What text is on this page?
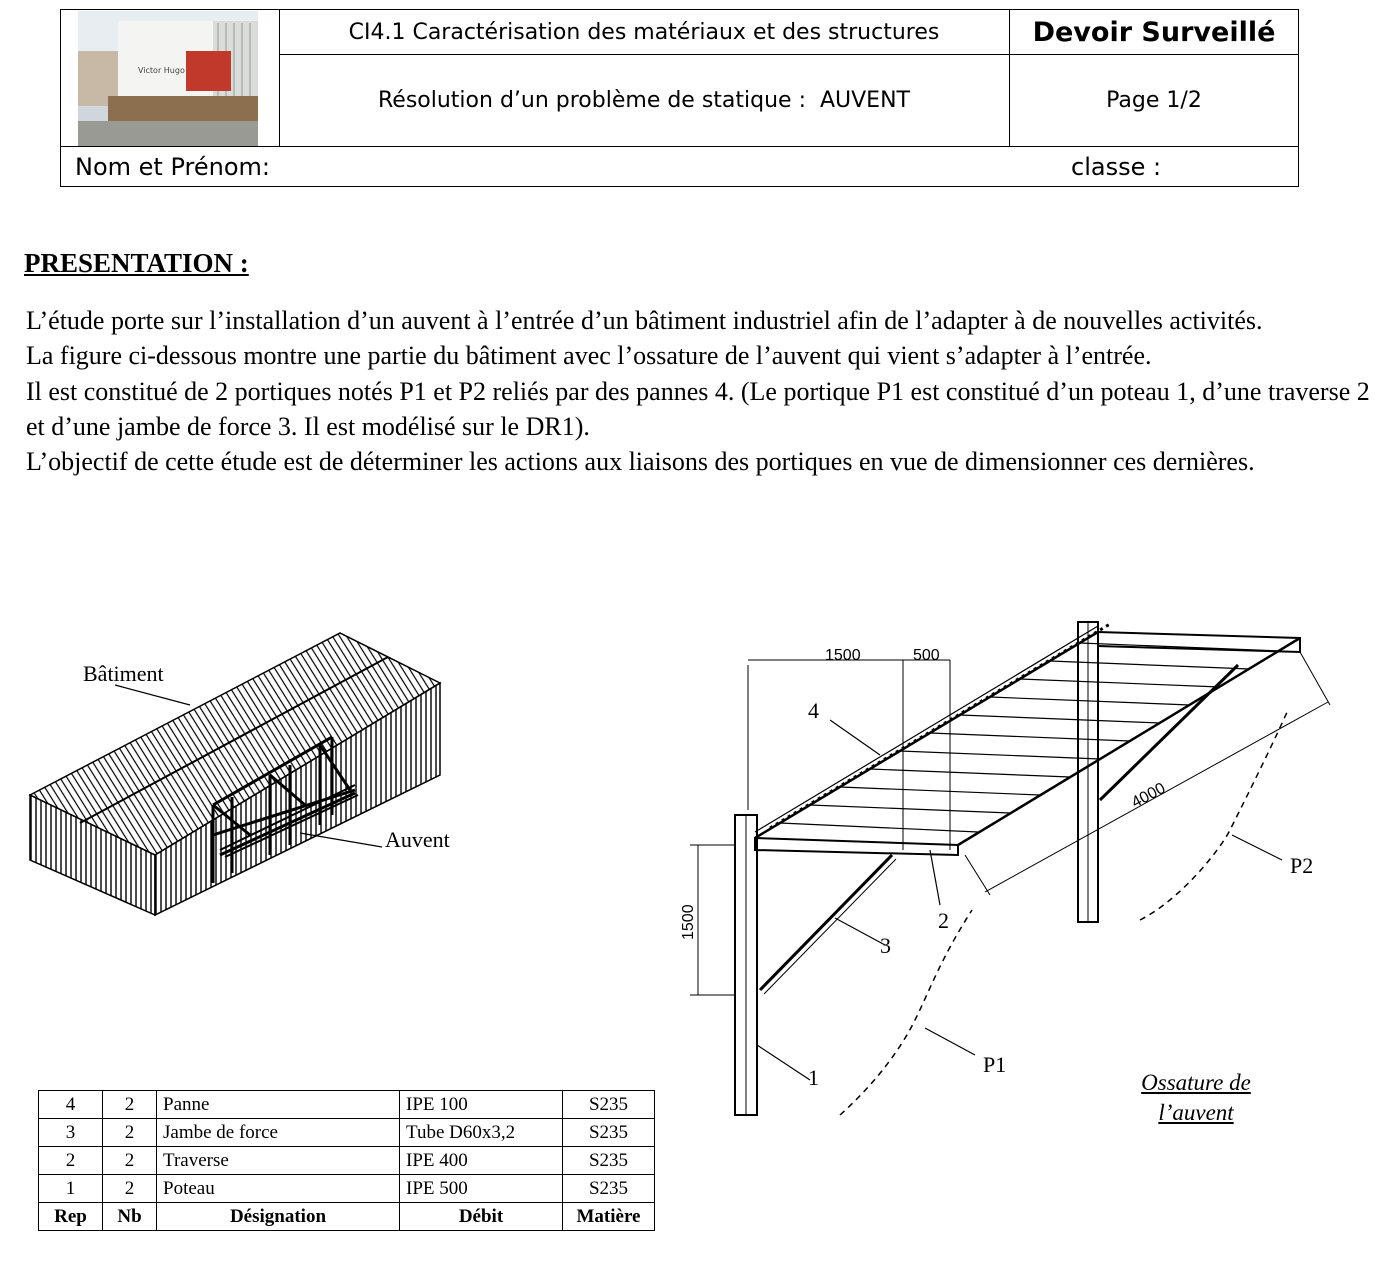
Victor Hugo
CI4.1 Caractérisation des matériaux et des structures
Résolution d’un problème de statique :  AUVENT
Devoir Surveillé
Page 1/2
Nom et Prénom:	classe :
PRESENTATION :

L’étude porte sur l’installation d’un auvent à l’entrée d’un bâtiment industriel afin de l’adapter à de nouvelles activités.

La figure ci-dessous montre une partie du bâtiment avec l’ossature de l’auvent qui vient s’adapter à l’entrée.

Il est constitué de 2 portiques notés P1 et P2 reliés par des pannes 4. (Le portique P1 est constitué d’un poteau 1, d’une traverse 2 et d’une jambe de force 3. Il est modélisé sur le DR1).

L’objectif de cette étude est de déterminer les actions aux liaisons des portiques en vue de dimensionner ces dernières.

Bâtiment
Auvent
1500	500
1500
4000
1
2
3
4
P1
P2
Ossature de
l’auvent
4	2	Panne	IPE 100	S235
3	2	Jambe de force	Tube D60x3,2	S235
2	2	Traverse	IPE 400	S235
1	2	Poteau	IPE 500	S235
Rep	Nb	Désignation	Débit	Matière
